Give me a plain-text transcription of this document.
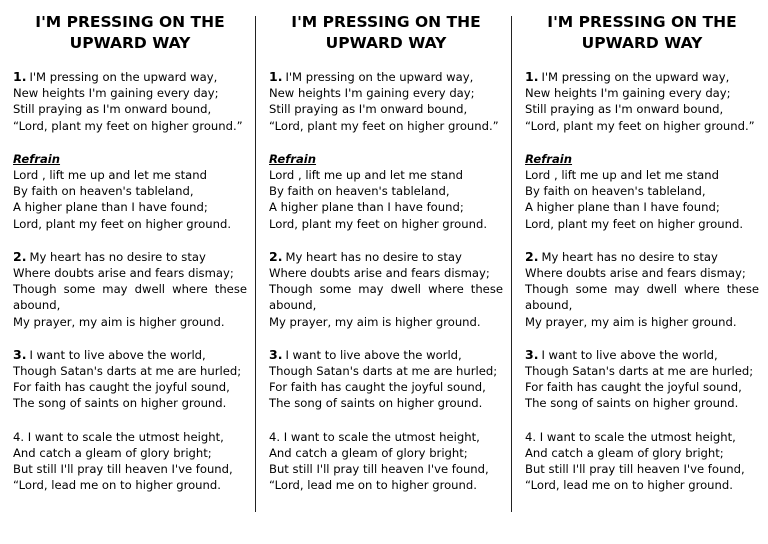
I'M PRESSING ON THE
UPWARD WAY
1. I'M pressing on the upward way,
New heights I'm gaining every day;
Still praying as I'm onward bound,
“Lord, plant my feet on higher ground.”
Refrain
Lord , lift me up and let me stand
By faith on heaven's tableland,
A higher plane than I have found;
Lord, plant my feet on higher ground.
2. My heart has no desire to stay
Where doubts arise and fears dismay;
Though some may dwell where these abound,
My prayer, my aim is higher ground.
3. I want to live above the world,
Though Satan's darts at me are hurled;
For faith has caught the joyful sound,
The song of saints on higher ground.
4. I want to scale the utmost height,
And catch a gleam of glory bright;
But still I'll pray till heaven I've found,
“Lord, lead me on to higher ground.
I'M PRESSING ON THE
UPWARD WAY
1. I'M pressing on the upward way,
New heights I'm gaining every day;
Still praying as I'm onward bound,
“Lord, plant my feet on higher ground.”
Refrain
Lord , lift me up and let me stand
By faith on heaven's tableland,
A higher plane than I have found;
Lord, plant my feet on higher ground.
2. My heart has no desire to stay
Where doubts arise and fears dismay;
Though some may dwell where these abound,
My prayer, my aim is higher ground.
3. I want to live above the world,
Though Satan's darts at me are hurled;
For faith has caught the joyful sound,
The song of saints on higher ground.
4. I want to scale the utmost height,
And catch a gleam of glory bright;
But still I'll pray till heaven I've found,
“Lord, lead me on to higher ground.
I'M PRESSING ON THE
UPWARD WAY
1. I'M pressing on the upward way,
New heights I'm gaining every day;
Still praying as I'm onward bound,
“Lord, plant my feet on higher ground.”
Refrain
Lord , lift me up and let me stand
By faith on heaven's tableland,
A higher plane than I have found;
Lord, plant my feet on higher ground.
2. My heart has no desire to stay
Where doubts arise and fears dismay;
Though some may dwell where these abound,
My prayer, my aim is higher ground.
3. I want to live above the world,
Though Satan's darts at me are hurled;
For faith has caught the joyful sound,
The song of saints on higher ground.
4. I want to scale the utmost height,
And catch a gleam of glory bright;
But still I'll pray till heaven I've found,
“Lord, lead me on to higher ground.
